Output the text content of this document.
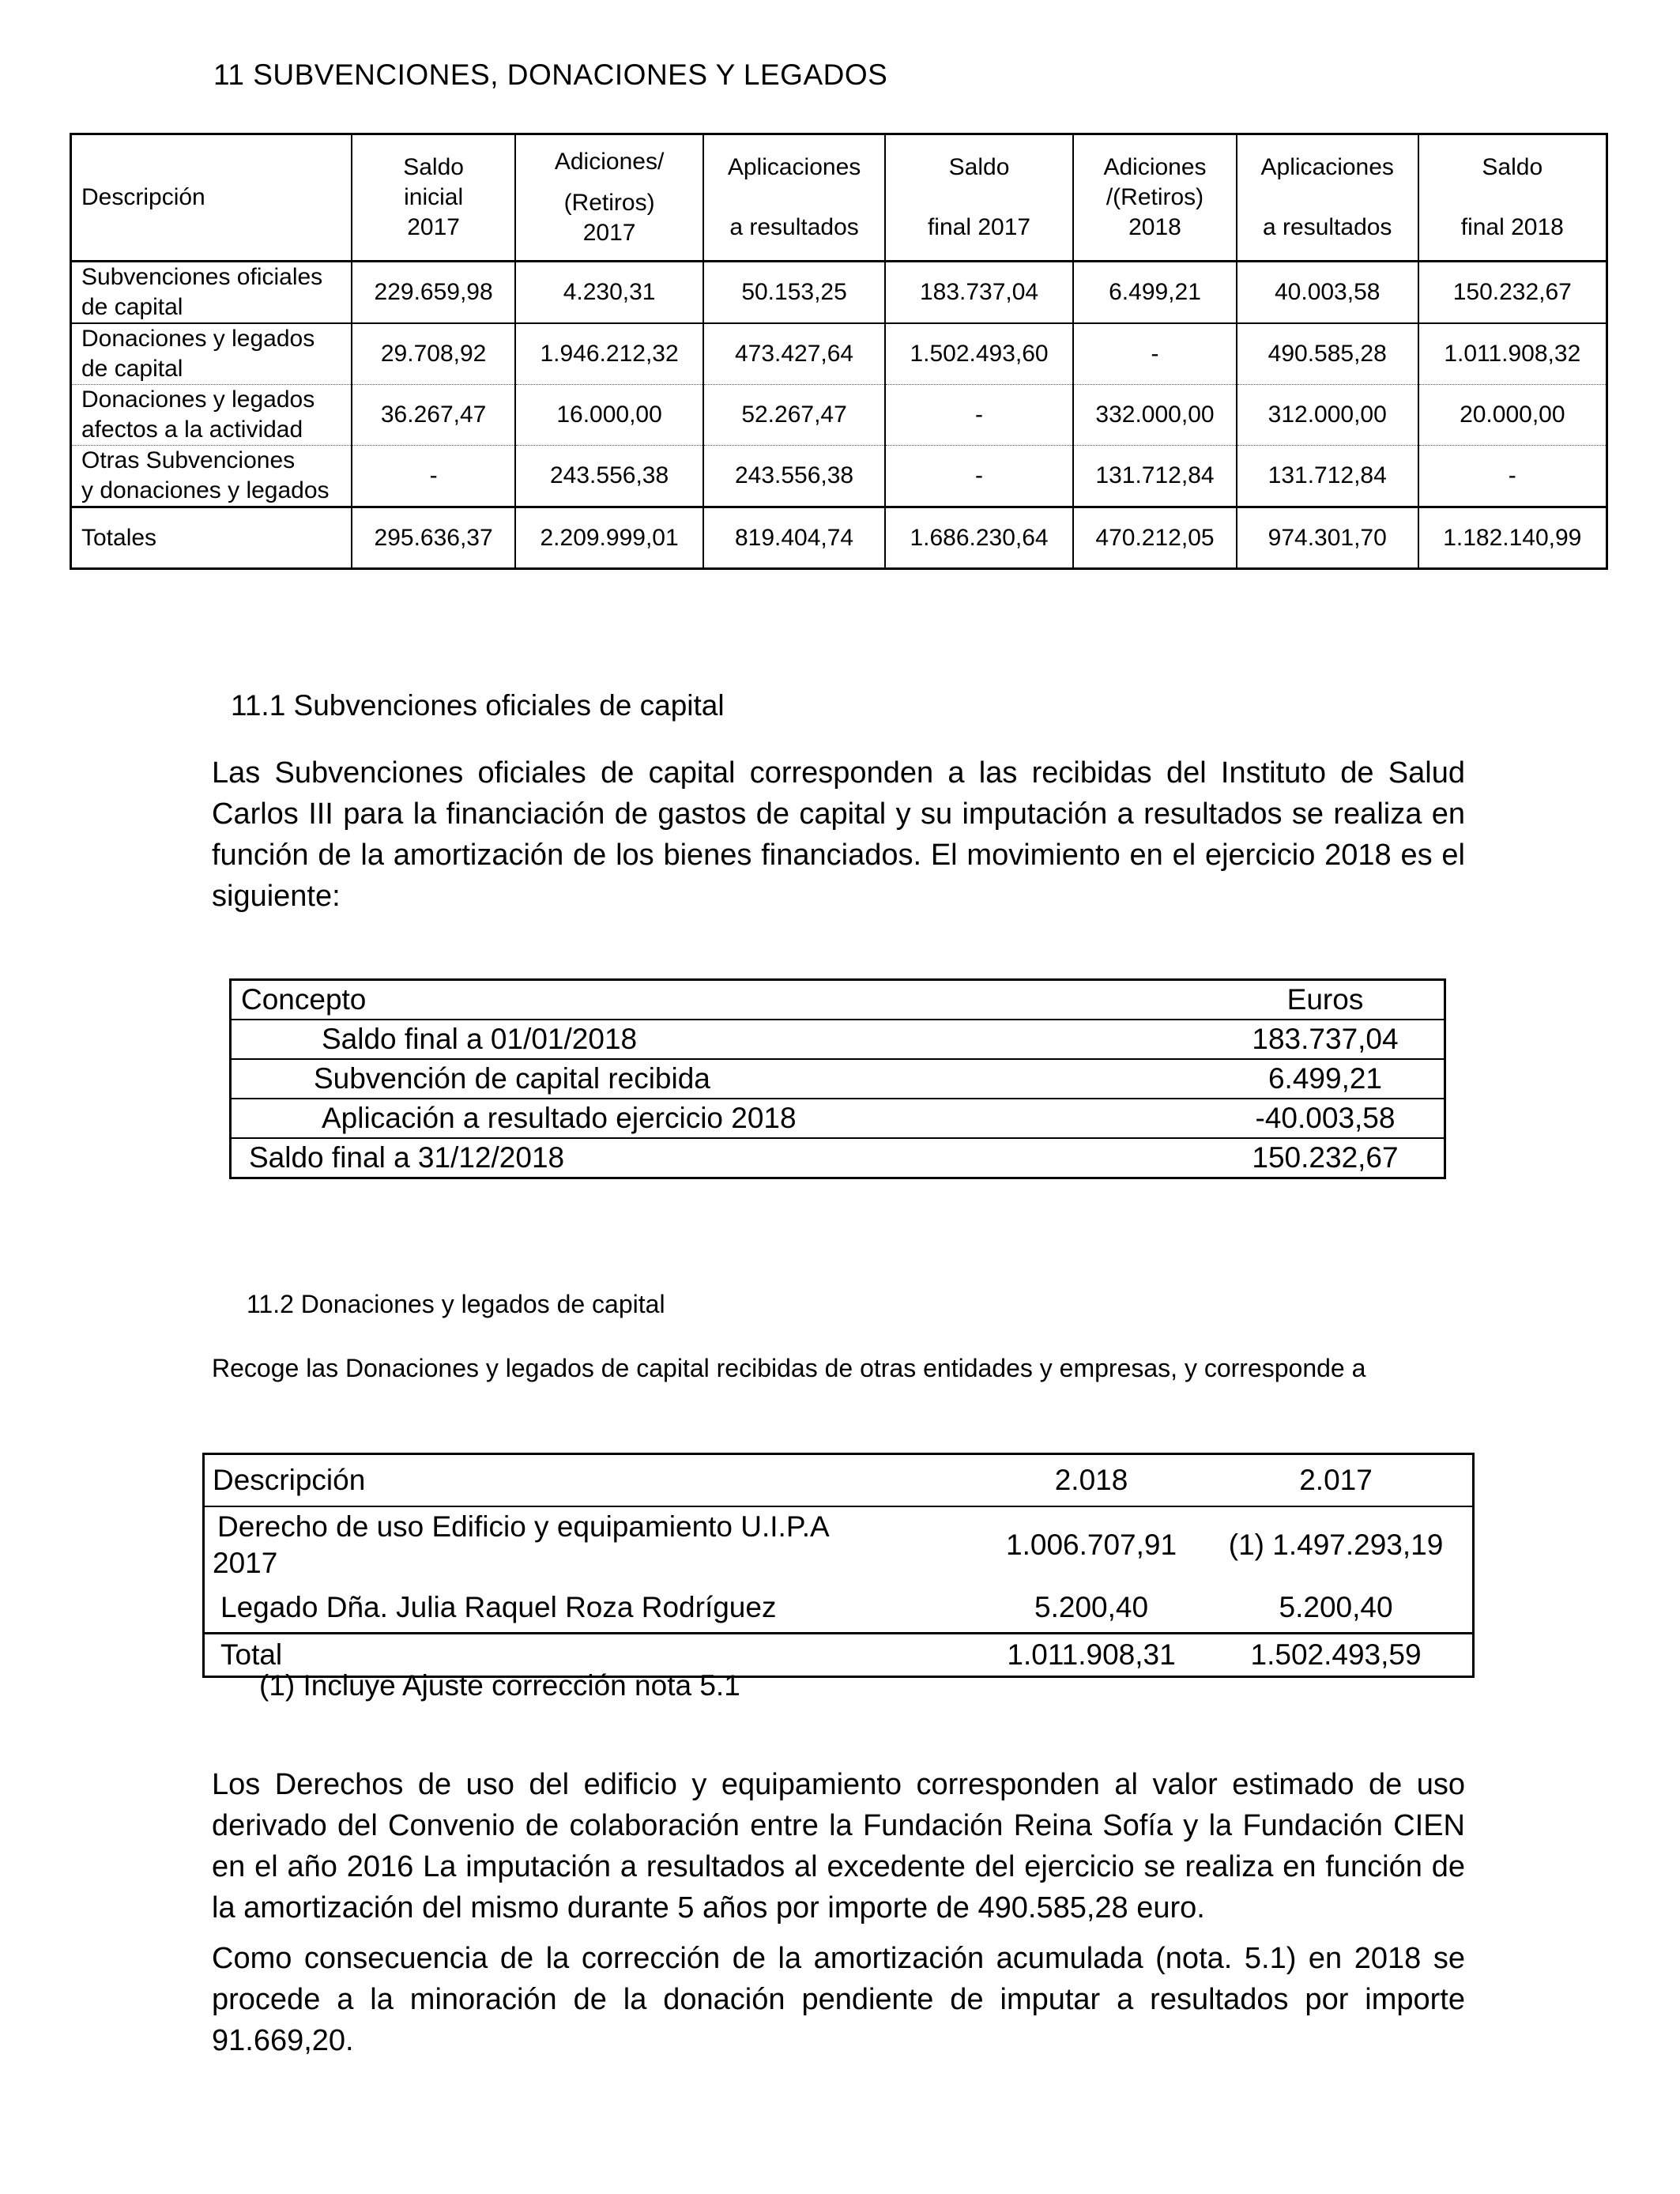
11 SUBVENCIONES, DONACIONES Y LEGADOS
Descripción	Saldo
inicial
2017	Adiciones/
(Retiros)
2017	Aplicaciones
a resultados	Saldo
final 2017	Adiciones
/(Retiros)
2018	Aplicaciones
a resultados	Saldo
final 2018

Subvenciones oficiales de capital	229.659,98	4.230,31	50.153,25	183.737,04	6.499,21	40.003,58	150.232,67
Donaciones y legados de capital	29.708,92	1.946.212,32	473.427,64	1.502.493,60	-	490.585,28	1.011.908,32

Donaciones y legados
afectos a la actividad	36.267,47	16.000,00	52.267,47	-	332.000,00	312.000,00	20.000,00

Otras Subvenciones
y donaciones y legados	-	243.556,38	243.556,38	-	131.712,84	131.712,84	-
Totales	295.636,37	2.209.999,01	819.404,74	1.686.230,64	470.212,05	974.301,70	1.182.140,99
11.1 Subvenciones oficiales de capital
Las Subvenciones oficiales de capital corresponden a las recibidas del Instituto de Salud Carlos III para la financiación de gastos de capital y su imputación a resultados se realiza en función de la amortización de los bienes financiados. El movimiento en el ejercicio 2018 es el siguiente:
Concepto	Euros
Saldo final a 01/01/2018	183.737,04
Subvención de capital recibida	6.499,21
Aplicación a resultado ejercicio 2018	-40.003,58
Saldo final a 31/12/2018	150.232,67
11.2 Donaciones y legados de capital
Recoge las Donaciones y legados de capital recibidas de otras entidades y empresas, y corresponde a
Descripción	2.018	2.017

Derecho de uso Edificio y equipamiento U.I.P.A
2017	1.006.707,91	(1) 1.497.293,19
Legado Dña. Julia Raquel Roza Rodríguez	5.200,40	5.200,40
Total	1.011.908,31	1.502.493,59
(1) Incluye Ajuste corrección nota 5.1
Los Derechos de uso del edificio y equipamiento corresponden al valor estimado de uso derivado del Convenio de colaboración entre la Fundación Reina Sofía y la Fundación CIEN en el año 2016 La imputación a resultados al excedente del ejercicio se realiza en función de la amortización del mismo durante 5 años por importe de 490.585,28 euro.
Como consecuencia de la corrección de la amortización acumulada (nota. 5.1) en 2018 se procede a la minoración de la donación pendiente de imputar a resultados por importe 91.669,20.
